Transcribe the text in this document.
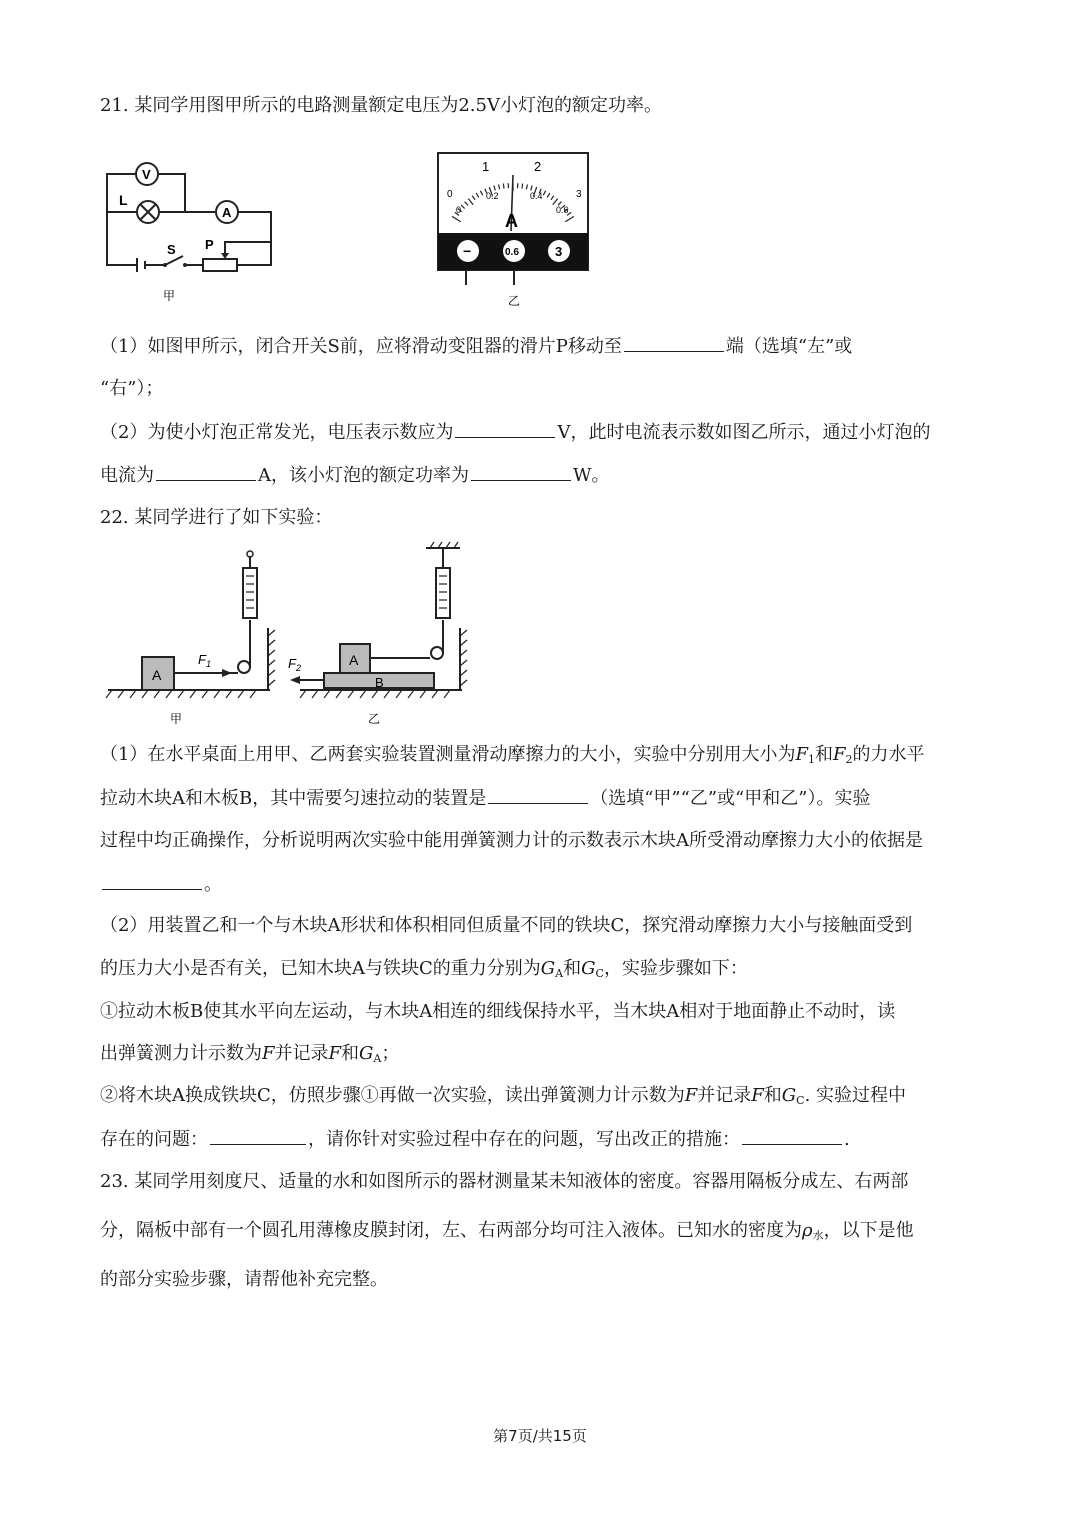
21. 某同学用图甲所示的电路测量额定电压为2.5V小灯泡的额定功率。
V
L
A
S P
甲
1	2
0.2	0.4
0	3
0	0.6
A
−	0.6	3
乙
（1）如图甲所示，闭合开关S前，应将滑动变阻器的滑片P移动至	端（选填“左”或
“右”）；
（2）为使小灯泡正常发光，电压表示数应为	V，此时电流表示数如图乙所示，通过小灯泡的
电流为	A，该小灯泡的额定功率为	W。
22. 某同学进行了如下实验：
A
A
B
$F_1$	$F_2$
甲	乙
（1）在水平桌面上用甲、乙两套实验装置测量滑动摩擦力的大小，实验中分别用大小为$F_1$和$F_2$的力水平
拉动木块A和木板B，其中需要匀速拉动的装置是	（选填“甲”“乙”或“甲和乙”）。实验
过程中均正确操作，分析说明两次实验中能用弹簧测力计的示数表示木块A所受滑动摩擦力大小的依据是
。
（2）用装置乙和一个与木块A形状和体积相同但质量不同的铁块C，探究滑动摩擦力大小与接触面受到
的压力大小是否有关，已知木块A与铁块C的重力分别为$G_A$和$G_C$，实验步骤如下：
①拉动木板B使其水平向左运动，与木块A相连的细线保持水平，当木块A相对于地面静止不动时，读
出弹簧测力计示数为F并记录F和$G_A$；
②将木块A换成铁块C，仿照步骤①再做一次实验，读出弹簧测力计示数为F并记录F和$G_C$. 实验过程中
存在的问题：	，请你针对实验过程中存在的问题，写出改正的措施：	.
23. 某同学用刻度尺、适量的水和如图所示的器材测量某未知液体的密度。容器用隔板分成左、右两部
分，隔板中部有一个圆孔用薄橡皮膜封闭，左、右两部分均可注入液体。已知水的密度为$\rho_水$，以下是他
的部分实验步骤，请帮他补充完整。
第7页/共15页
